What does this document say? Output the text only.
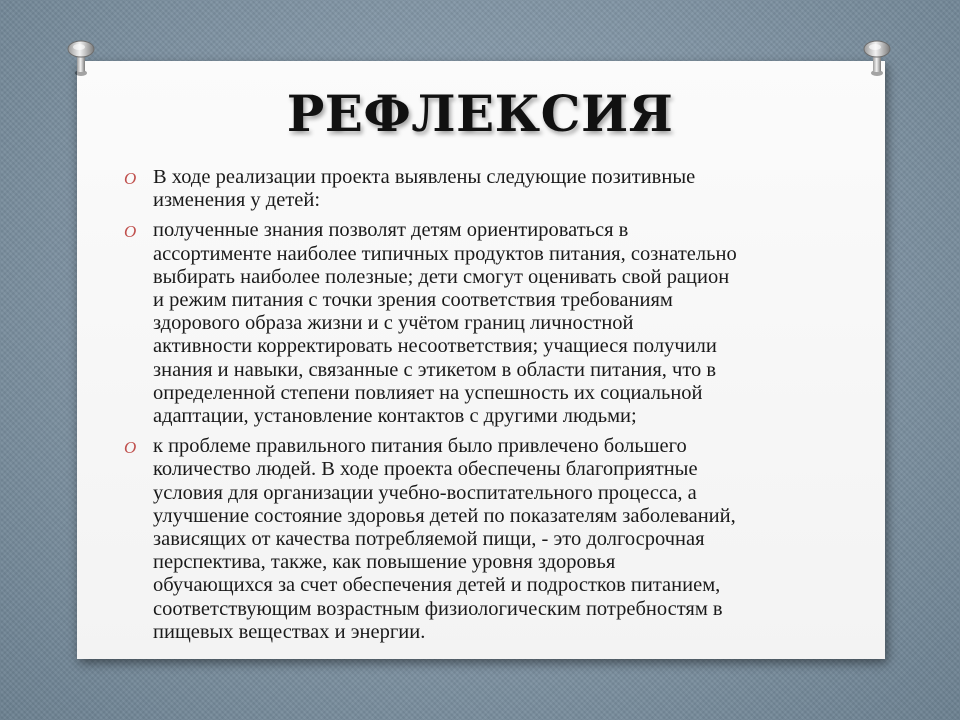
РЕФЛЕКСИЯ
O В ходе реализации проекта выявлены следующие позитивные
изменения у детей:
O полученные знания позволят детям ориентироваться в
ассортименте наиболее типичных продуктов питания, сознательно
выбирать наиболее полезные; дети смогут оценивать свой рацион
и режим питания с точки зрения соответствия требованиям
здорового образа жизни и с учётом границ личностной
активности корректировать несоответствия; учащиеся получили
знания и навыки, связанные с этикетом в области питания, что в
определенной степени повлияет на успешность их социальной
адаптации, установление контактов с другими людьми;
O к проблеме правильного питания было привлечено большего
количество людей. В ходе проекта обеспечены благоприятные
условия для организации учебно-воспитательного процесса, а
улучшение состояние здоровья детей по показателям заболеваний,
зависящих от качества потребляемой пищи, - это долгосрочная
перспектива, также, как повышение уровня здоровья
обучающихся за счет обеспечения детей и подростков питанием,
соответствующим возрастным физиологическим потребностям в
пищевых веществах и энергии.
